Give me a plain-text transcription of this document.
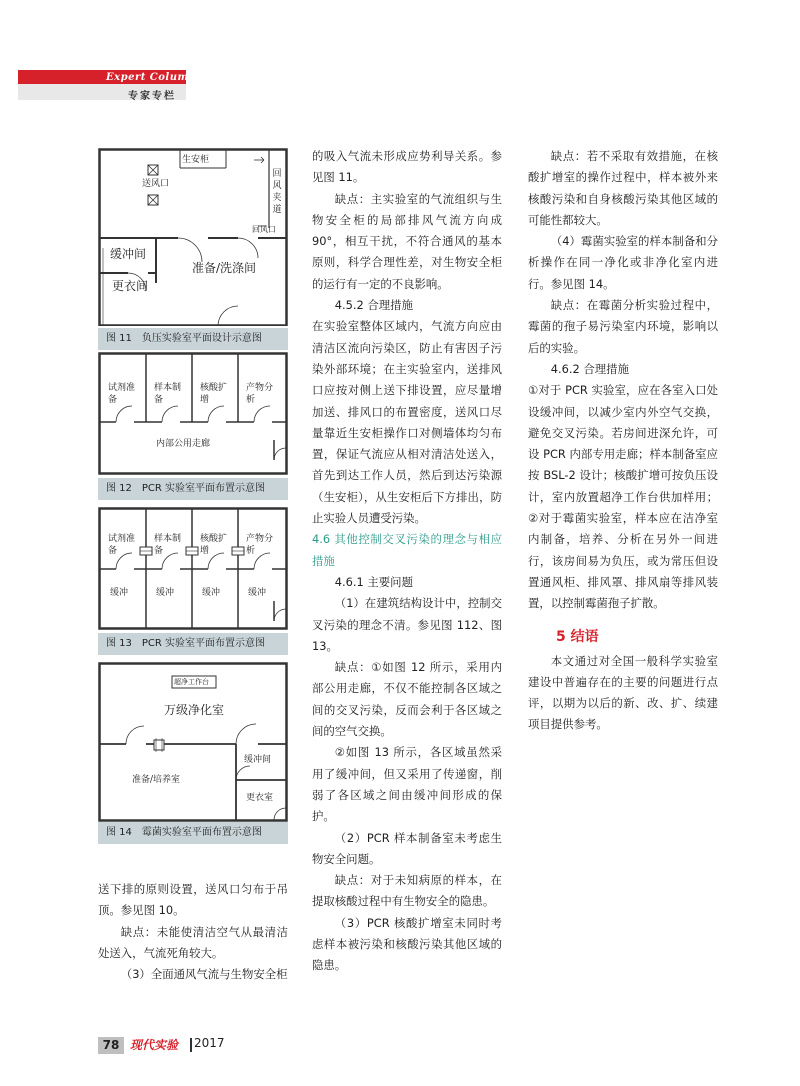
Expert Column
专家专栏
生安柜
送风口
回风夹道
回风口
缓冲间
准备/洗涤间
更衣间
图 11　负压实验室平面设计示意图
试剂准备
样本制备
核酸扩增
产物分析
内部公用走廊
图 12　PCR 实验室平面布置示意图
试剂准备
样本制备
核酸扩增
产物分析
缓冲	缓冲	缓冲	缓冲
图 13　PCR 实验室平面布置示意图
超净工作台
万级净化室
缓冲间
准备/培养室
更衣室
图 14　霉菌实验室平面布置示意图

送下排的原则设置，送风口匀布于吊顶。参见图 10。

缺点：未能使清洁空气从最清洁处送入，气流死角较大。

（3）全面通风气流与生物安全柜

的吸入气流未形成应势利导关系。参见图 11。

缺点：主实验室的气流组织与生物安全柜的局部排风气流方向成 90°，相互干扰，不符合通风的基本原则，科学合理性差，对生物安全柜的运行有一定的不良影响。

4.5.2 合理措施

在实验室整体区域内，气流方向应由清洁区流向污染区，防止有害因子污染外部环境；在主实验室内，送排风口应按对侧上送下排设置，应尽量增加送、排风口的布置密度，送风口尽量靠近生安柜操作口对侧墙体均匀布置，保证气流应从相对清洁处送入，首先到达工作人员，然后到达污染源（生安柜），从生安柜后下方排出，防止实验人员遭受污染。

4.6 其他控制交叉污染的理念与相应措施

4.6.1 主要问题

（1）在建筑结构设计中，控制交叉污染的理念不清。参见图 112、图 13。

缺点：①如图 12 所示，采用内部公用走廊，不仅不能控制各区域之间的交叉污染，反而会利于各区域之间的空气交换。

②如图 13 所示，各区域虽然采用了缓冲间，但又采用了传递窗，削弱了各区域之间由缓冲间形成的保护。

（2）PCR 样本制备室未考虑生物安全问题。

缺点：对于未知病原的样本，在提取核酸过程中有生物安全的隐患。

（3）PCR 核酸扩增室未同时考虑样本被污染和核酸污染其他区域的隐患。

缺点：若不采取有效措施，在核酸扩增室的操作过程中，样本被外来核酸污染和自身核酸污染其他区域的可能性都较大。

（4）霉菌实验室的样本制备和分析操作在同一净化或非净化室内进行。参见图 14。

缺点：在霉菌分析实验过程中，霉菌的孢子易污染室内环境，影响以后的实验。

4.6.2 合理措施

①对于 PCR 实验室，应在各室入口处设缓冲间，以减少室内外空气交换，避免交叉污染。若房间进深允许，可设 PCR 内部专用走廊；样本制备室应按 BSL-2 设计；核酸扩增可按负压设计，室内放置超净工作台供加样用；②对于霉菌实验室，样本应在洁净室内制备，培养、分析在另外一间进行，该房间易为负压，或为常压但设置通风柜、排风罩、排风扇等排风装置，以控制霉菌孢子扩散。

5 结语

本文通过对全国一般科学实验室建设中普遍存在的主要的问题进行点评，以期为以后的新、改、扩、续建项目提供参考。

78 现代实验 2017
